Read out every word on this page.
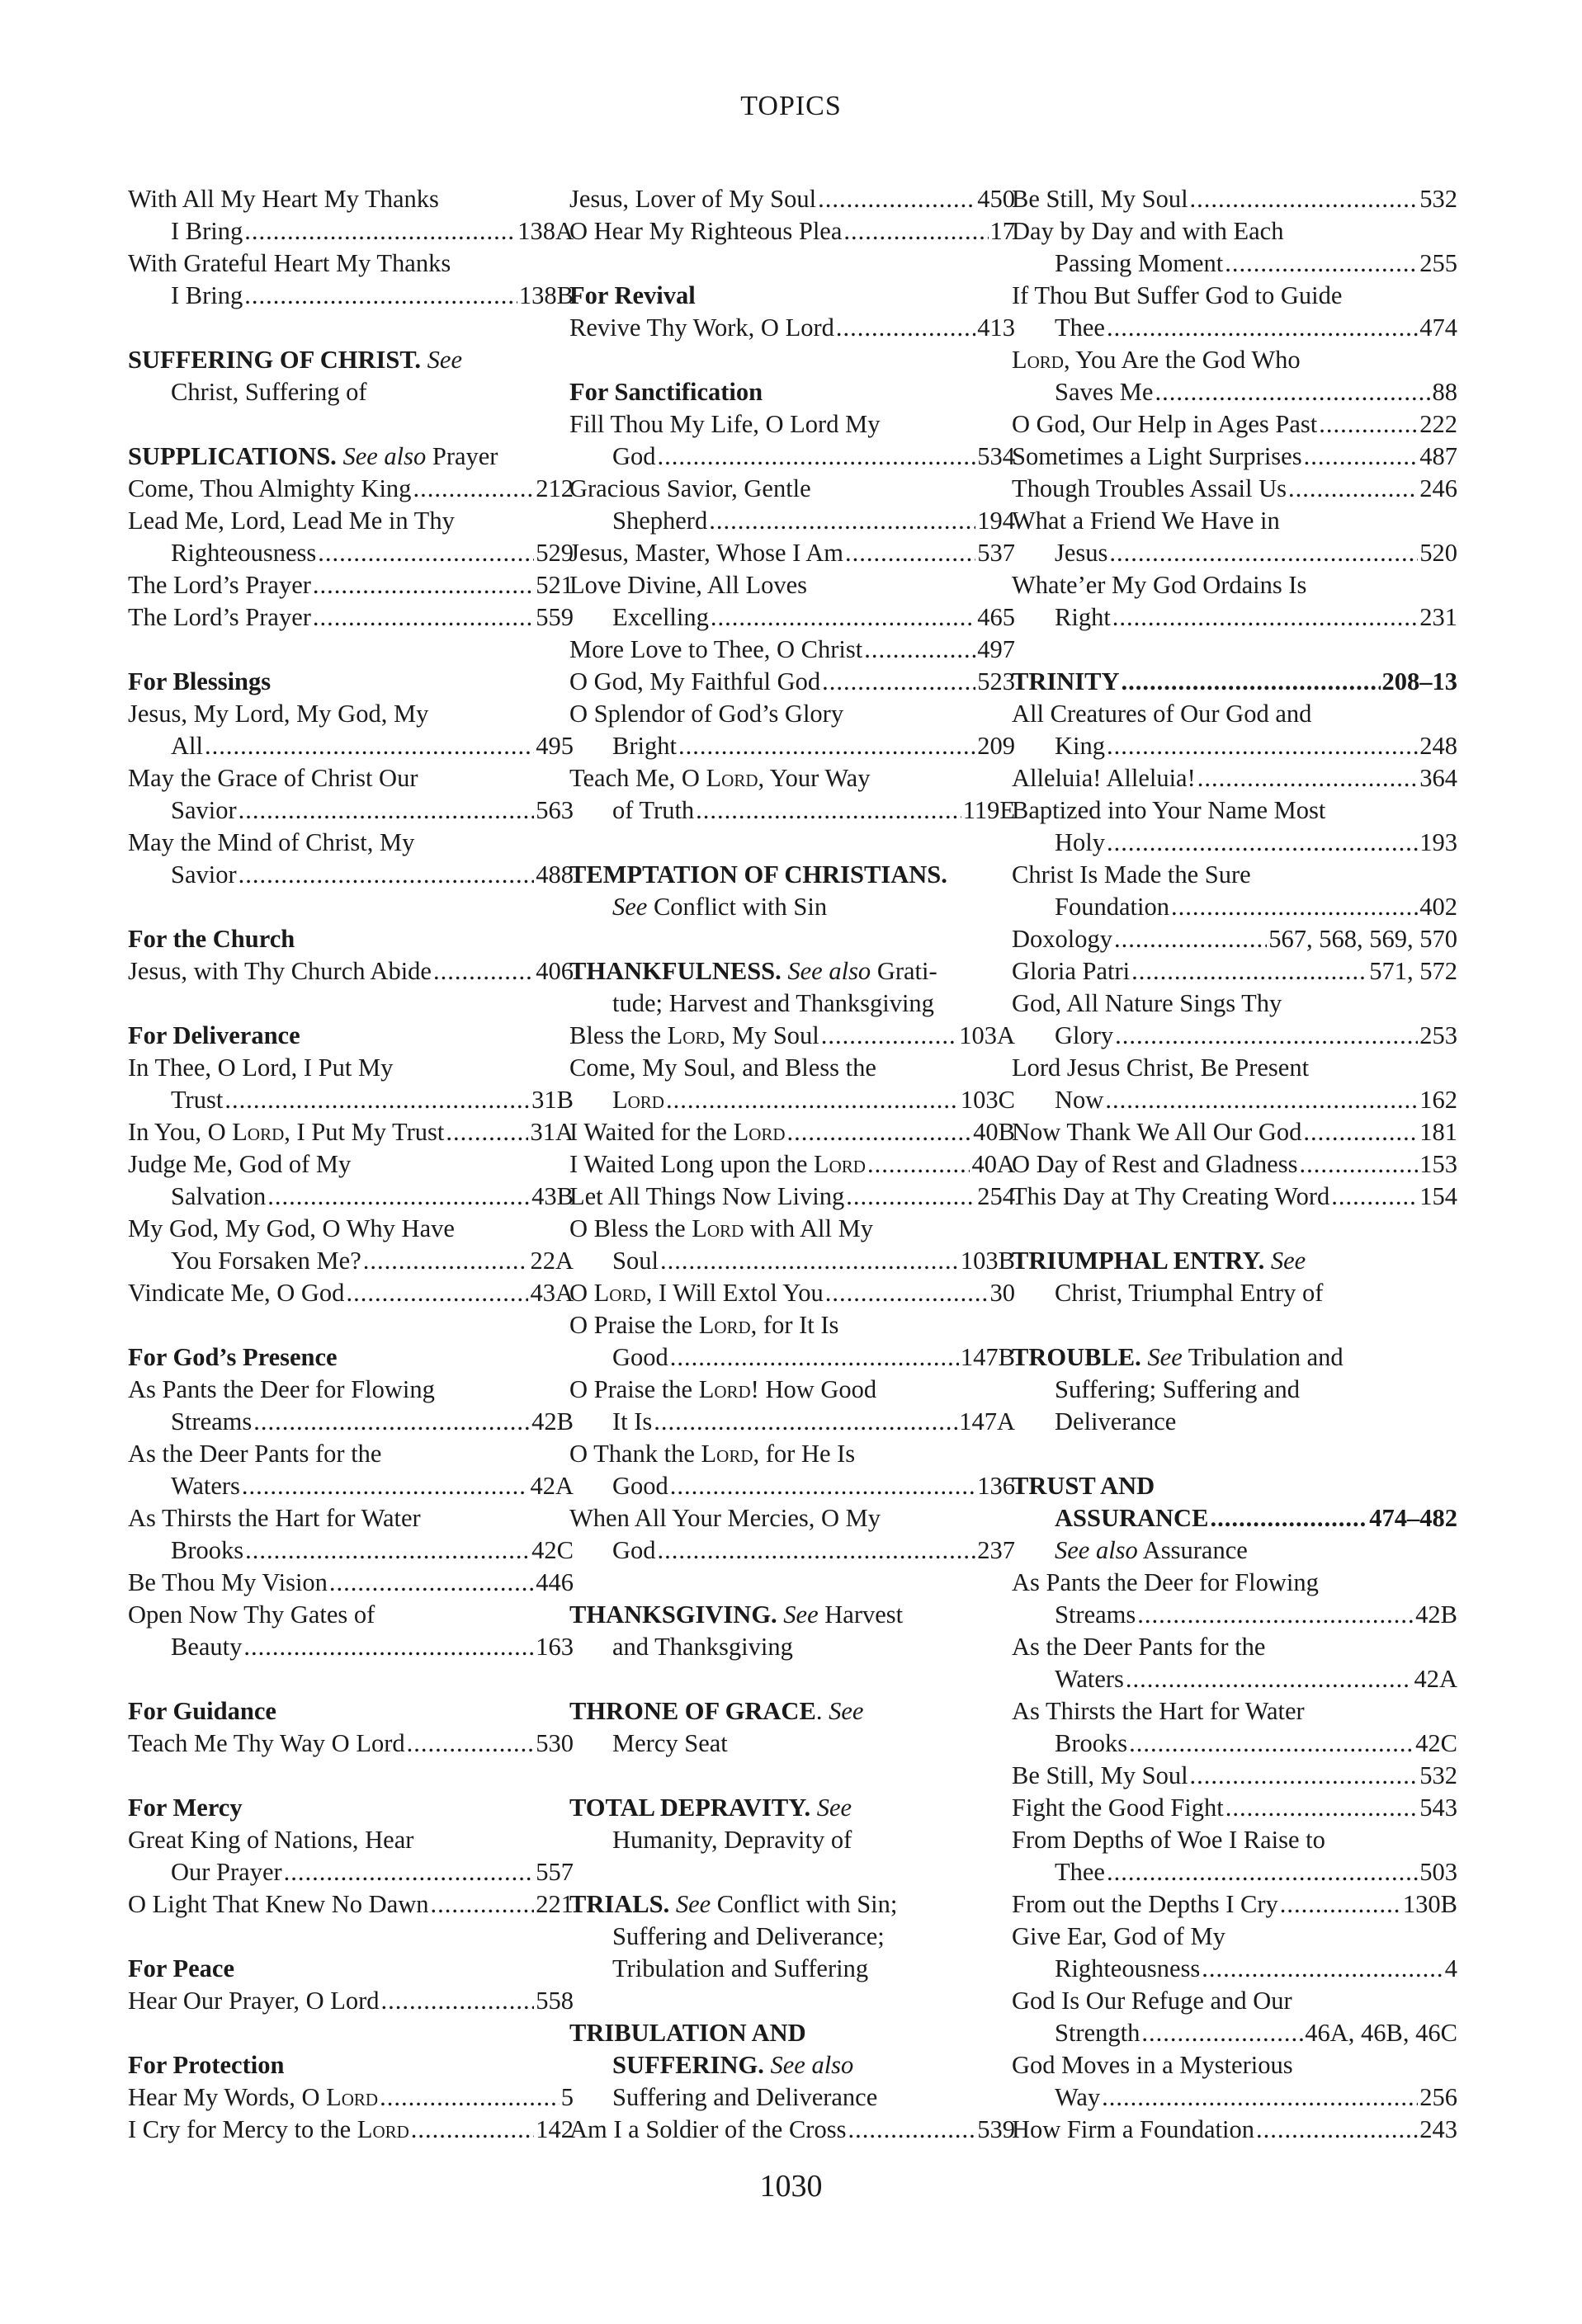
TOPICS
With All My Heart My Thanks
I Bring .....	138A
With Grateful Heart My Thanks
I Bring .....	138B
SUFFERING OF CHRIST. See
Christ, Suffering of
SUPPLICATIONS. See also Prayer
Come, Thou Almighty King .....	212
Lead Me, Lord, Lead Me in Thy
Righteousness .....	529
The Lord’s Prayer .....	521
The Lord’s Prayer .....	559
For Blessings
Jesus, My Lord, My God, My
All .....	495
May the Grace of Christ Our
Savior .....	563
May the Mind of Christ, My
Savior .....	488
For the Church
Jesus, with Thy Church Abide .....	406
For Deliverance
In Thee, O Lord, I Put My
Trust .....	31B
In You, O Lord, I Put My Trust .....	31A
Judge Me, God of My
Salvation .....	43B
My God, My God, O Why Have
You Forsaken Me? .....	22A
Vindicate Me, O God .....	43A
For God’s Presence
As Pants the Deer for Flowing
Streams .....	42B
As the Deer Pants for the
Waters .....	42A
As Thirsts the Hart for Water
Brooks .....	42C
Be Thou My Vision .....	446
Open Now Thy Gates of
Beauty .....	163
For Guidance
Teach Me Thy Way O Lord .....	530
For Mercy
Great King of Nations, Hear
Our Prayer .....	557
O Light That Knew No Dawn .....	221
For Peace
Hear Our Prayer, O Lord .....	558
For Protection
Hear My Words, O Lord .....	5
I Cry for Mercy to the Lord .....	142
Jesus, Lover of My Soul .....	450
O Hear My Righteous Plea .....	17
For Revival
Revive Thy Work, O Lord .....	413
For Sanctification
Fill Thou My Life, O Lord My
God .....	534
Gracious Savior, Gentle
Shepherd .....	194
Jesus, Master, Whose I Am .....	537
Love Divine, All Loves
Excelling .....	465
More Love to Thee, O Christ .....	497
O God, My Faithful God .....	523
O Splendor of God’s Glory
Bright .....	209
Teach Me, O Lord, Your Way
of Truth .....	119E
TEMPTATION OF CHRISTIANS.
See Conflict with Sin
THANKFULNESS. See also Grati-
tude; Harvest and Thanksgiving
Bless the Lord, My Soul .....	103A
Come, My Soul, and Bless the
Lord .....	103C
I Waited for the Lord .....	40B
I Waited Long upon the Lord .....	40A
Let All Things Now Living .....	254
O Bless the Lord with All My
Soul .....	103B
O Lord, I Will Extol You .....	30
O Praise the Lord, for It Is
Good .....	147B
O Praise the Lord! How Good
It Is .....	147A
O Thank the Lord, for He Is
Good .....	136
When All Your Mercies, O My
God .....	237
THANKSGIVING. See Harvest
and Thanksgiving
THRONE OF GRACE. See
Mercy Seat
TOTAL DEPRAVITY. See
Humanity, Depravity of
TRIALS. See Conflict with Sin;
Suffering and Deliverance;
Tribulation and Suffering
TRIBULATION AND
SUFFERING. See also
Suffering and Deliverance
Am I a Soldier of the Cross .....	539
Be Still, My Soul .....	532
Day by Day and with Each
Passing Moment .....	255
If Thou But Suffer God to Guide
Thee .....	474
Lord, You Are the God Who
Saves Me .....	88
O God, Our Help in Ages Past .....	222
Sometimes a Light Surprises .....	487
Though Troubles Assail Us .....	246
What a Friend We Have in
Jesus .....	520
Whate’er My God Ordains Is
Right .....	231
TRINITY .....	208–13
All Creatures of Our God and
King .....	248
Alleluia! Alleluia! .....	364
Baptized into Your Name Most
Holy .....	193
Christ Is Made the Sure
Foundation .....	402
Doxology .....	567, 568, 569, 570
Gloria Patri .....	571, 572
God, All Nature Sings Thy
Glory .....	253
Lord Jesus Christ, Be Present
Now .....	162
Now Thank We All Our God .....	181
O Day of Rest and Gladness .....	153
This Day at Thy Creating Word .....	154
TRIUMPHAL ENTRY. See
Christ, Triumphal Entry of
TROUBLE. See Tribulation and
Suffering; Suffering and
Deliverance
TRUST AND
ASSURANCE .....	474–482
See also Assurance
As Pants the Deer for Flowing
Streams .....	42B
As the Deer Pants for the
Waters .....	42A
As Thirsts the Hart for Water
Brooks .....	42C
Be Still, My Soul .....	532
Fight the Good Fight .....	543
From Depths of Woe I Raise to
Thee .....	503
From out the Depths I Cry .....	130B
Give Ear, God of My
Righteousness .....	4
God Is Our Refuge and Our
Strength .....	46A, 46B, 46C
God Moves in a Mysterious
Way .....	256
How Firm a Foundation .....	243
1030
